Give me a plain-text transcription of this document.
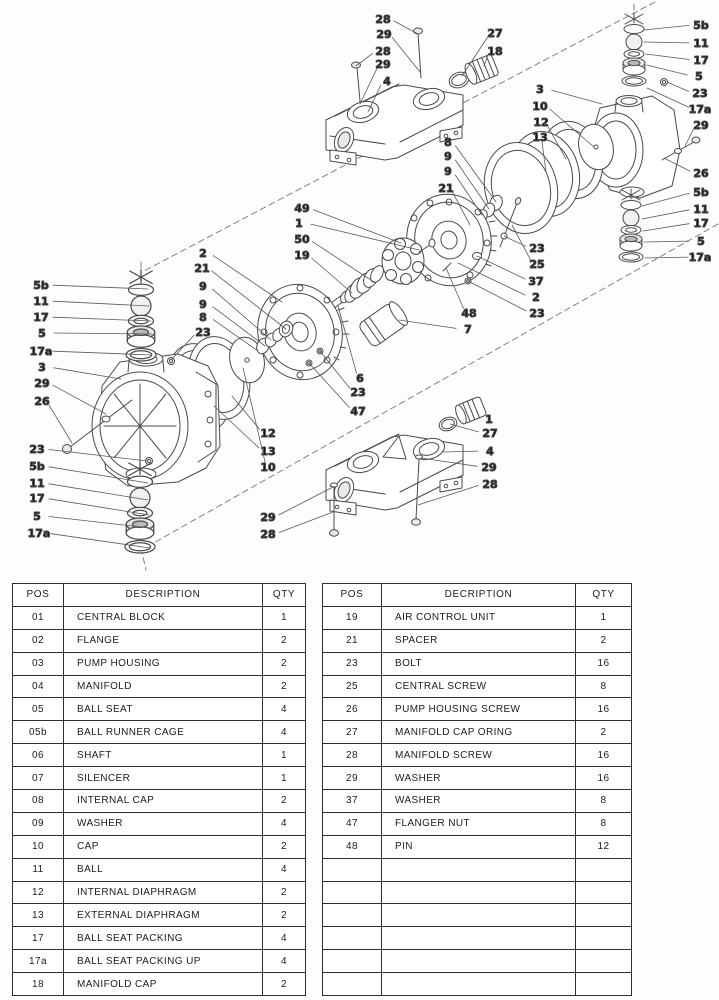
28
29
28
29
4
27
18
3
10
12
13
5b
11
17
5
23
17a
29
26
5b
11
17
5
17a
8
9
9
21
23
25
37
2
23
48
7
2
21
9
9
8
23
49
1
50
19
6
23
47
5b
11
17
5
17a
3
29
26
23
5b
11
17
5
17a
12
13
10
1
27
4
29
28
29
28
POS	DESCRIPTION	QTY
01	CENTRAL BLOCK	1
02	FLANGE	2
03	PUMP HOUSING	2
04	MANIFOLD	2
05	BALL SEAT	4
05b	BALL RUNNER CAGE	4
06	SHAFT	1
07	SILENCER	1
08	INTERNAL CAP	2
09	WASHER	4
10	CAP	2
11	BALL	4
12	INTERNAL DIAPHRAGM	2
13	EXTERNAL DIAPHRAGM	2
17	BALL SEAT PACKING	4
17a	BALL SEAT PACKING UP	4
18	MANIFOLD CAP	2
POS	DECRIPTION	QTY
19	AIR CONTROL UNIT	1
21	SPACER	2
23	BOLT	16
25	CENTRAL SCREW	8
26	PUMP HOUSING SCREW	16
27	MANIFOLD CAP ORING	2
28	MANIFOLD SCREW	16
29	WASHER	16
37	WASHER	8
47	FLANGER NUT	8
48	PIN	12
